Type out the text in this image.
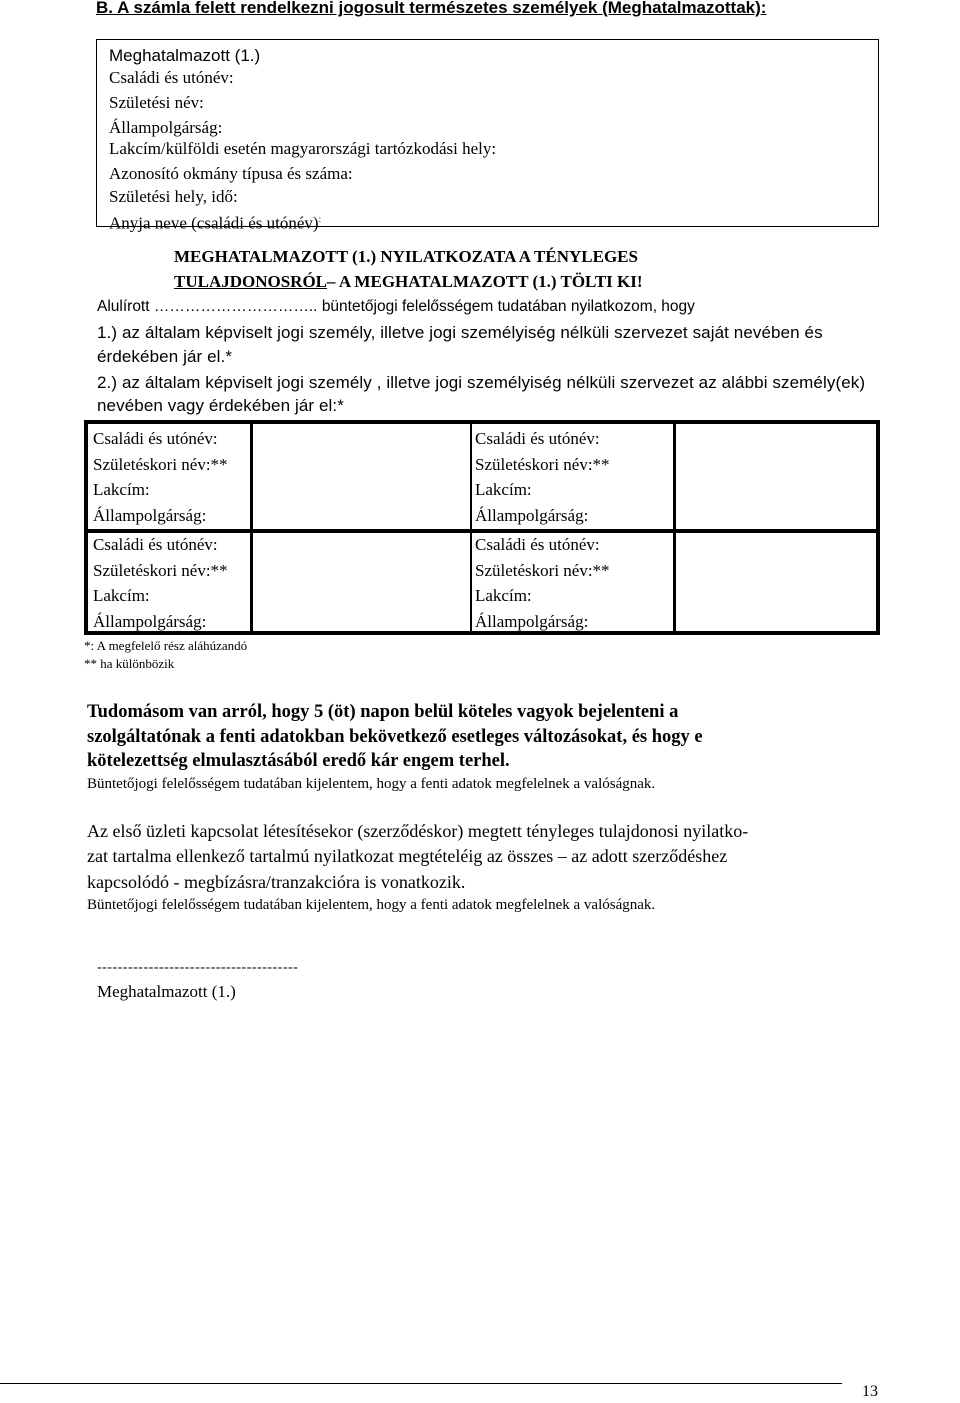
B. A számla felett rendelkezni jogosult természetes személyek (Meghatalmazottak):
Meghatalmazott (1.)
Családi és utónév:
Születési név:
Állampolgárság:
Lakcím/külföldi esetén magyarországi tartózkodási hely:
Azonosító okmány típusa és száma:
Születési hely, idő:
Anyja neve (családi és utónév):
MEGHATALMAZOTT (1.) NYILATKOZATA A TÉNYLEGES
TULAJDONOSRÓL– A MEGHATALMAZOTT (1.) TÖLTI KI!
Alulírott ………………………….. büntetőjogi felelősségem tudatában nyilatkozom, hogy
1.) az általam képviselt jogi személy, illetve jogi személyiség nélküli szervezet saját nevében és
érdekében jár el.*
2.) az általam képviselt jogi személy , illetve jogi személyiség nélküli szervezet az alábbi személy(ek)
nevében vagy érdekében jár el:*
Családi és utónév:
Születéskori név:**
Lakcím:
Állampolgárság:
Családi és utónév:
Születéskori név:**
Lakcím:
Állampolgárság:
Családi és utónév:
Születéskori név:**
Lakcím:
Állampolgárság:
Családi és utónév:
Születéskori név:**
Lakcím:
Állampolgárság:
*: A megfelelő rész aláhúzandó
** ha különbözik
Tudomásom van arról, hogy 5 (öt) napon belül köteles vagyok bejelenteni a
szolgáltatónak a fenti adatokban bekövetkező esetleges változásokat, és hogy e
kötelezettség elmulasztásából eredő kár engem terhel.
Büntetőjogi felelősségem tudatában kijelentem, hogy a fenti adatok megfelelnek a valóságnak.
Az első üzleti kapcsolat létesítésekor (szerződéskor) megtett tényleges tulajdonosi nyilatko-
zat tartalma ellenkező tartalmú nyilatkozat megtételéig az összes – az adott szerződéshez
kapcsolódó - megbízásra/tranzakcióra is vonatkozik.
Büntetőjogi felelősségem tudatában kijelentem, hogy a fenti adatok megfelelnek a valóságnak.
---------------------------------------
Meghatalmazott (1.)
13
